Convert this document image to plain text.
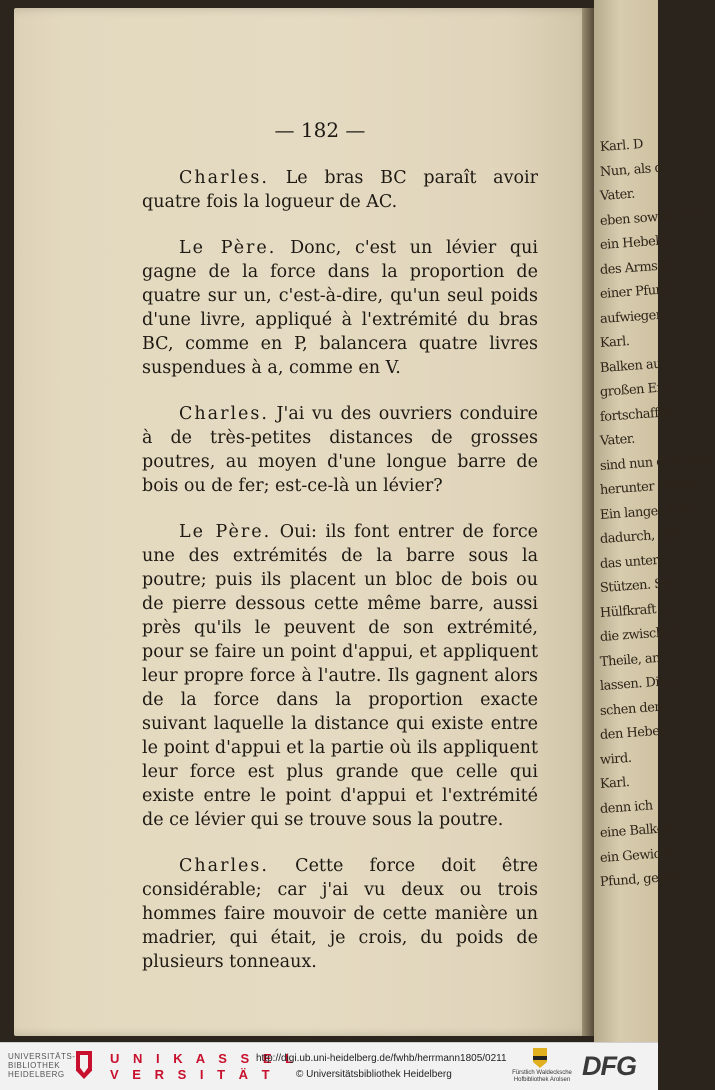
Karl. D
Nun, als di
Vater.
eben sowohl rein
ein Hebel g
des Arms B
einer Pfund
aufwiegen.
Karl.
Balken auf
großen Ent
fortschaffen
Vater.
sind nun den Ende
herunter Ballen
Ein langes Holz
dadurch, daß
das untere
Stützen. Sie
Hülfkraft an
die zwischen
Theile, an
lassen. Diese
schen dem
den Hebel
wird.
Karl.
denn ich
eine Balken
ein Gewicht
Pfund, genau
— 182 —

Charles. Le bras BC paraît avoir quatre fois la logueur de AC.

Le Père. Donc, c'est un lévier qui gagne de la force dans la proportion de quatre sur un, c'est-à-dire, qu'un seul poids d'une livre, appliqué à l'extrémité du bras BC, comme en P, balancera quatre livres suspendues à a, comme en V.

Charles. J'ai vu des ouvriers conduire à de très-petites distances de grosses poutres, au moyen d'une longue barre de bois ou de fer; est-ce-là un lévier?

Le Père. Oui: ils font entrer de force une des extrémités de la barre sous la poutre; puis ils placent un bloc de bois ou de pierre dessous cette même barre, aussi près qu'ils le peuvent de son extrémité, pour se faire un point d'appui, et appliquent leur propre force à l'autre. Ils gagnent alors de la force dans la proportion exacte suivant laquelle la distance qui existe entre le point d'appui et la partie où ils appliquent leur force est plus grande que celle qui existe entre le point d'appui et l'extrémité de ce lévier qui se trouve sous la poutre.

Charles. Cette force doit être considérable; car j'ai vu deux ou trois hommes faire mouvoir de cette manière un madrier, qui était, je crois, du poids de plusieurs tonneaux.

UNIVERSITÄTS-
BIBLIOTHEK
HEIDELBERG
U N I K A S S E L
V E R S I T Ä T
http://digi.ub.uni-heidelberg.de/fwhb/herrmann1805/0211
© Universitätsbibliothek Heidelberg	Fürstlich Waldecksche
Hofbibliothek Arolsen DFG
